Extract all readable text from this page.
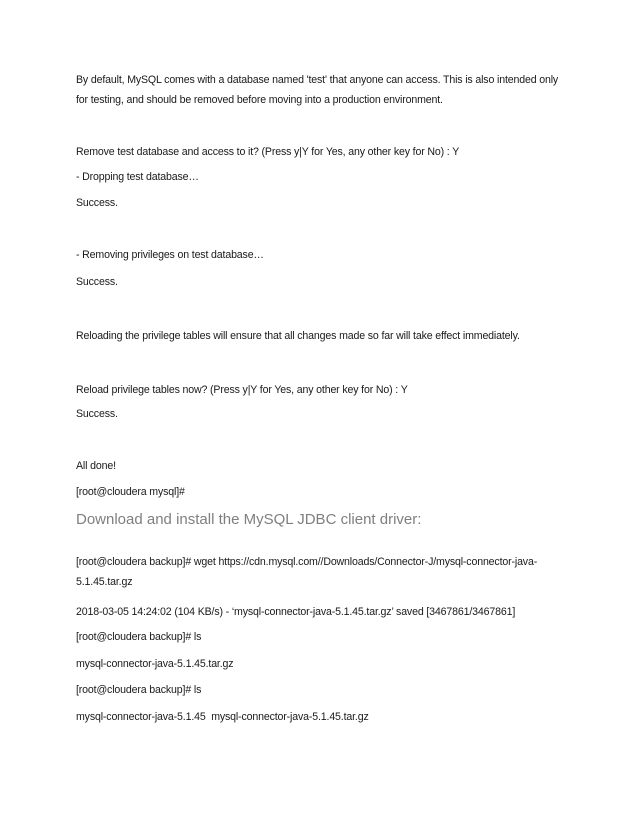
By default, MySQL comes with a database named 'test' that anyone can access. This is also intended only for testing, and should be removed before moving into a production environment.
Remove test database and access to it? (Press y|Y for Yes, any other key for No) : Y
- Dropping test database…
Success.
- Removing privileges on test database…
Success.
Reloading the privilege tables will ensure that all changes made so far will take effect immediately.
Reload privilege tables now? (Press y|Y for Yes, any other key for No) : Y
Success.
All done!
[root@cloudera mysql]#
Download and install the MySQL JDBC client driver:
[root@cloudera backup]# wget https://cdn.mysql.com//Downloads/Connector-J/mysql-connector-java-5.1.45.tar.gz
2018-03-05 14:24:02 (104 KB/s) - ‘mysql-connector-java-5.1.45.tar.gz’ saved [3467861/3467861]
[root@cloudera backup]# ls
mysql-connector-java-5.1.45.tar.gz
[root@cloudera backup]# ls
mysql-connector-java-5.1.45  mysql-connector-java-5.1.45.tar.gz
